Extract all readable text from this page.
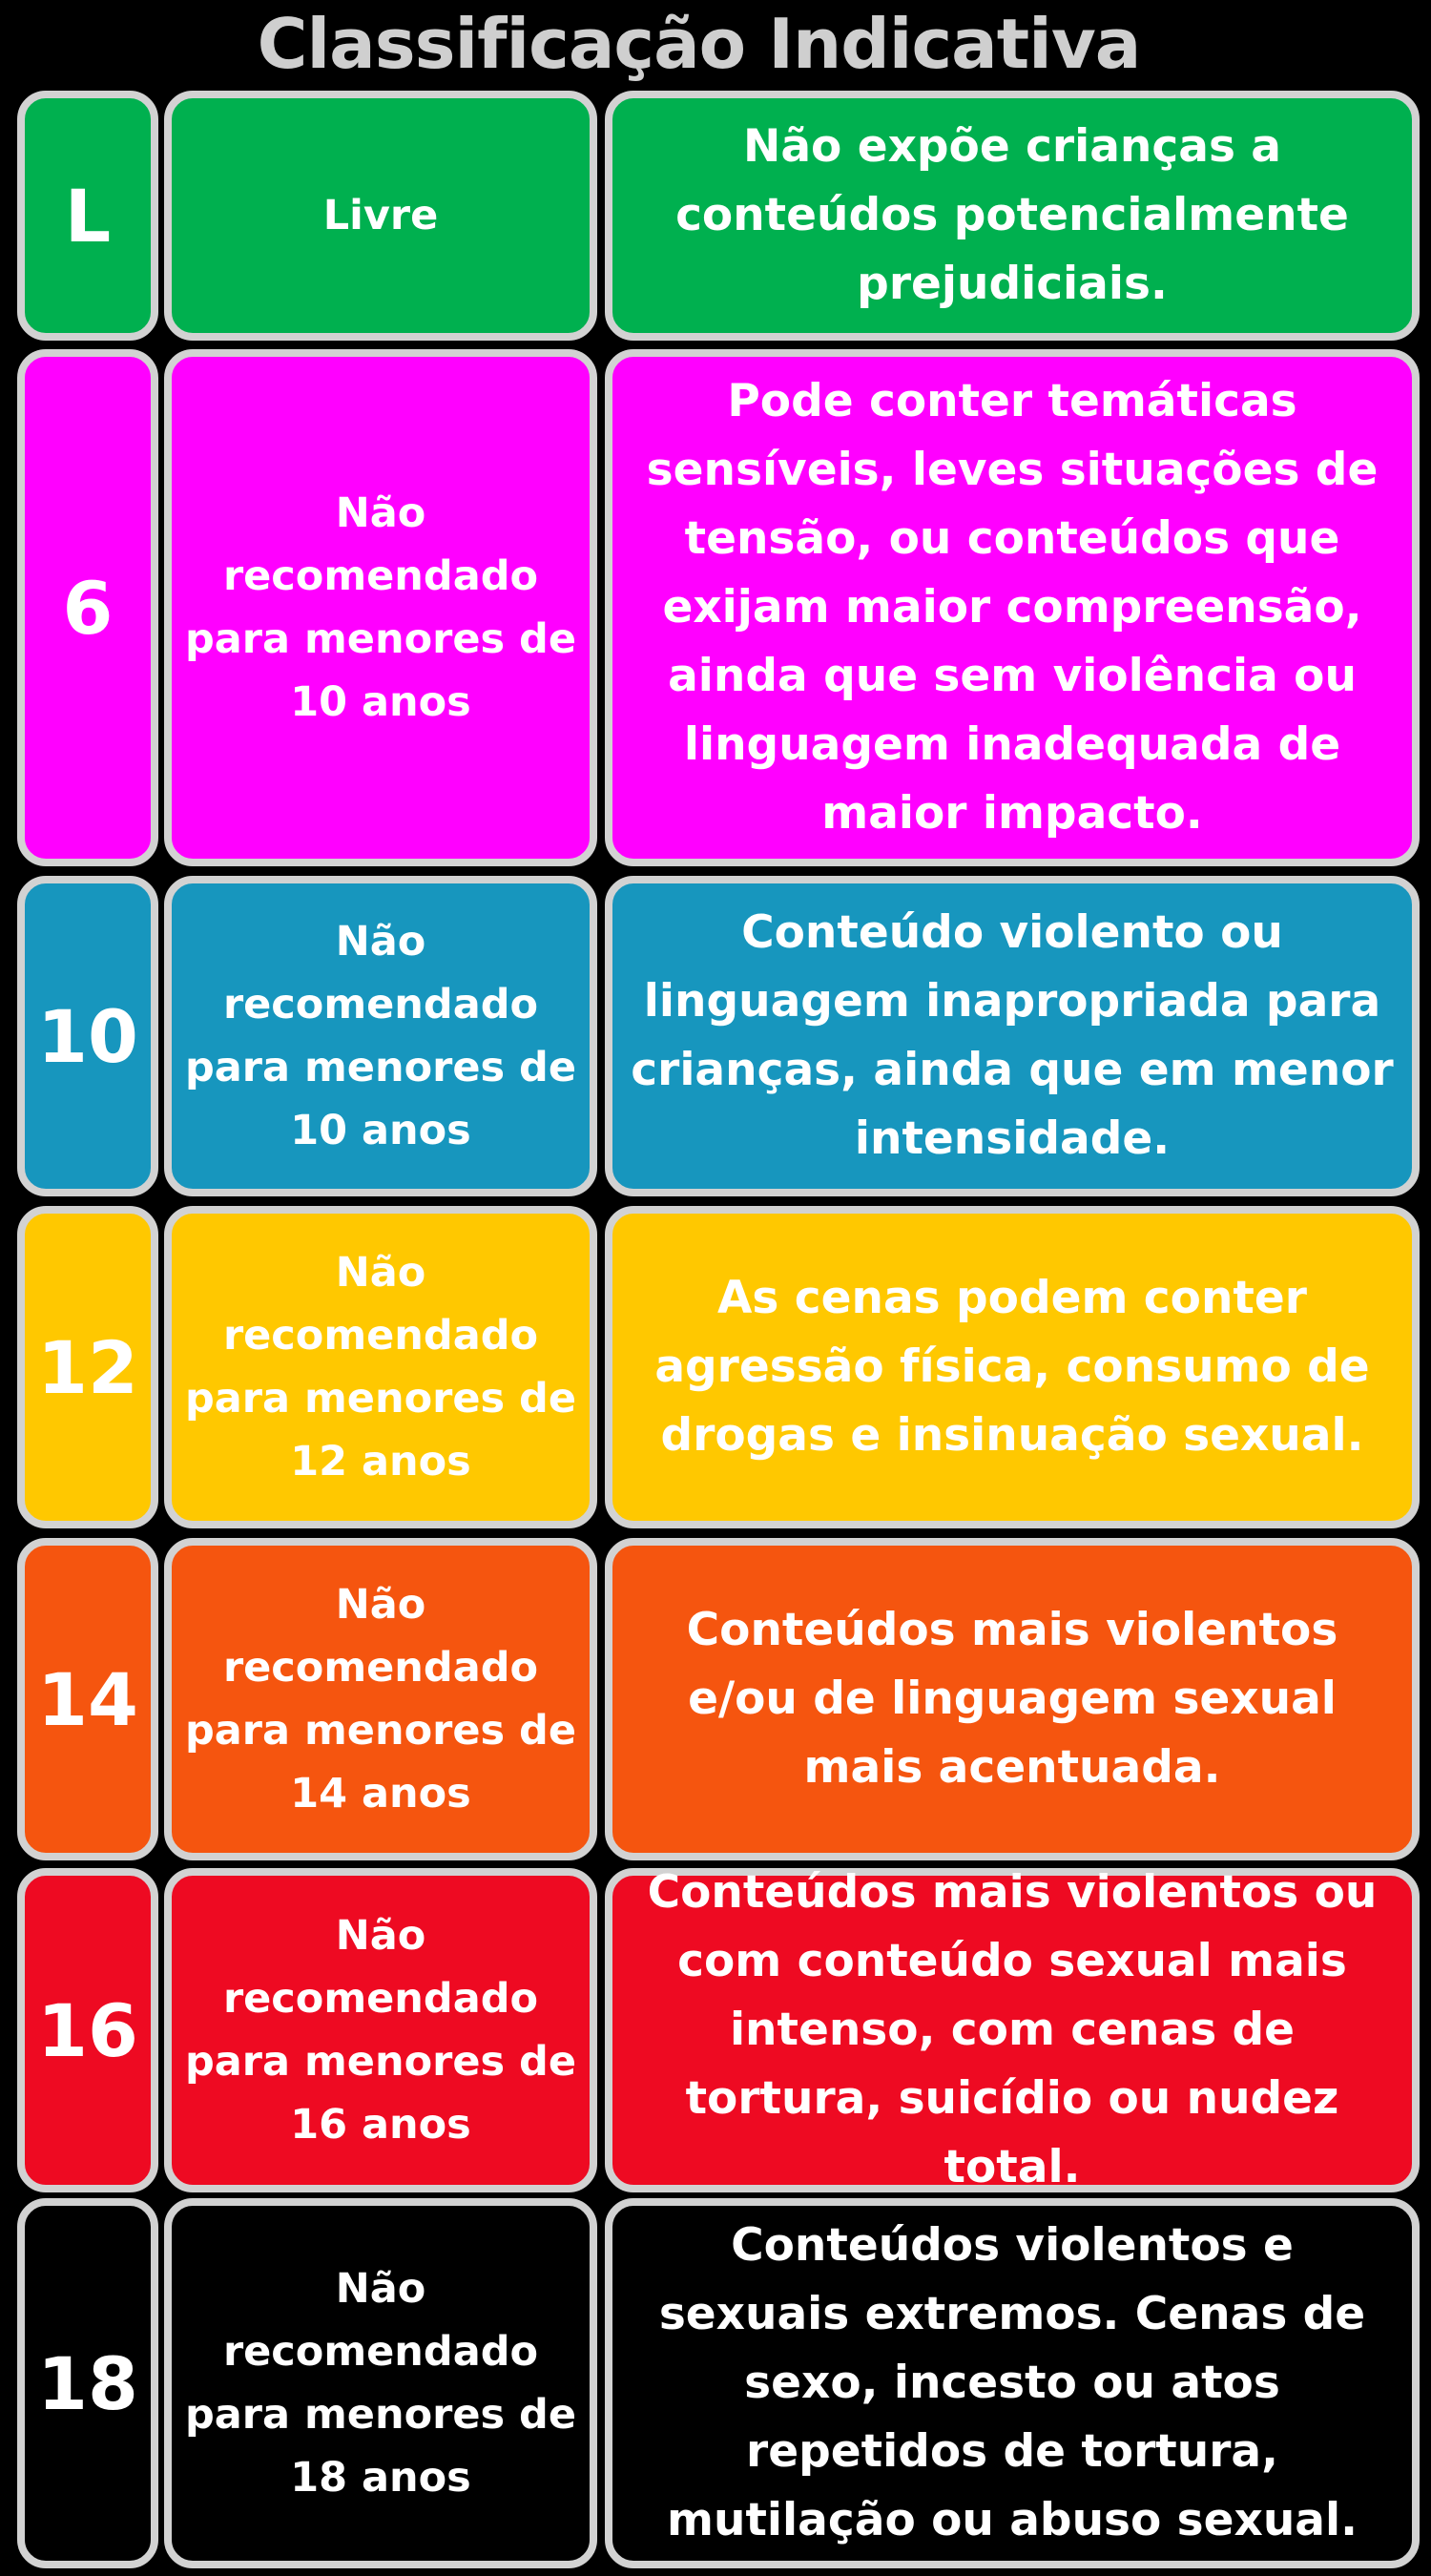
Classificação Indicativa
L	Livre
Não expõe crianças a conteúdos potencialmente prejudiciais.
6
Não recomendado para menores de 10 anos
Pode conter temáticas sensíveis, leves situações de tensão, ou conteúdos que exijam maior compreensão, ainda que sem violência ou linguagem inadequada de maior impacto.
10
Não recomendado para menores de 10 anos
Conteúdo violento ou linguagem inapropriada para crianças, ainda que em menor intensidade.
12
Não recomendado para menores de 12 anos
As cenas podem conter agressão física, consumo de drogas e insinuação sexual.
14
Não recomendado para menores de 14 anos
Conteúdos mais violentos e/ou de linguagem sexual mais acentuada.
16
Não recomendado para menores de 16 anos
Conteúdos mais violentos ou com conteúdo sexual mais intenso, com cenas de tortura, suicídio ou nudez total.
18
Não recomendado para menores de 18 anos
Conteúdos violentos e sexuais extremos. Cenas de sexo, incesto ou atos repetidos de tortura, mutilação ou abuso sexual.
